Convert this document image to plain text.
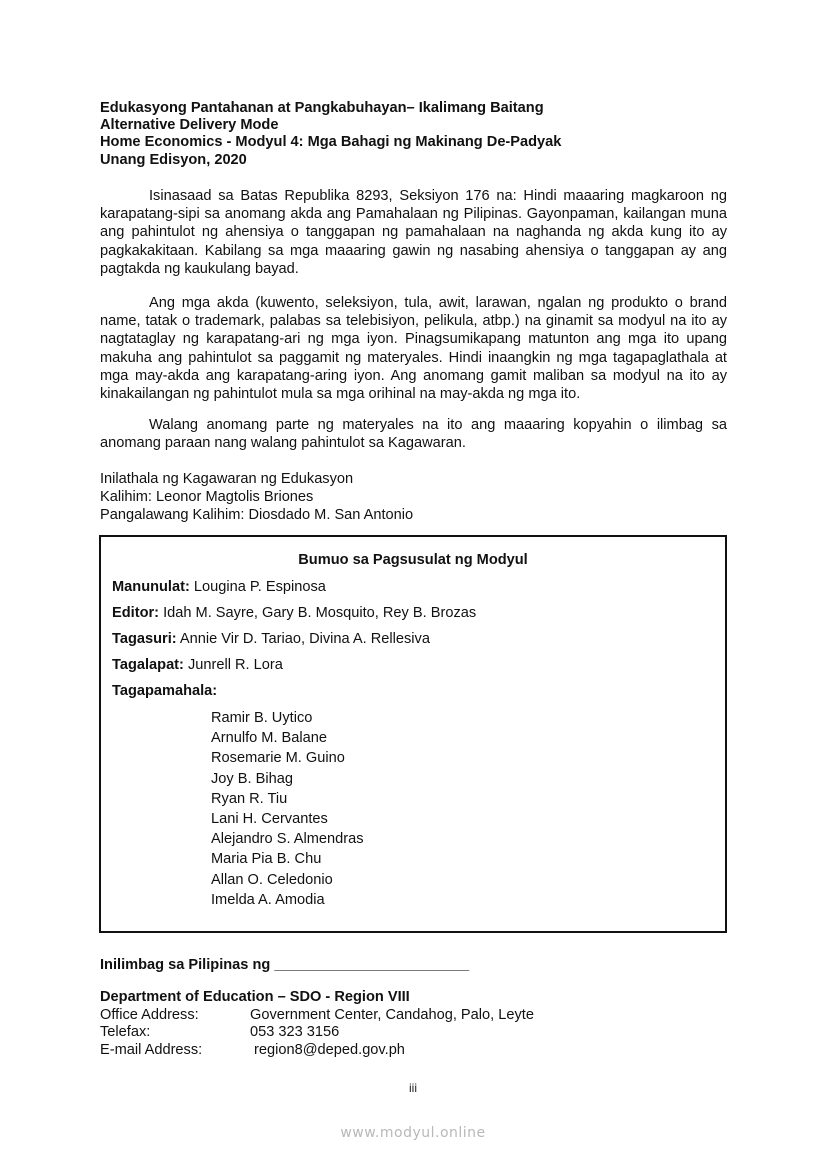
Edukasyong Pantahanan at Pangkabuhayan– Ikalimang Baitang
Alternative Delivery Mode
Home Economics - Modyul 4: Mga Bahagi ng Makinang De-Padyak
Unang Edisyon, 2020
Isinasaad sa Batas Republika 8293, Seksiyon 176 na: Hindi maaaring magkaroon ng karapatang-sipi sa anomang akda ang Pamahalaan ng Pilipinas. Gayonpaman, kailangan muna ang pahintulot ng ahensiya o tanggapan ng pamahalaan na naghanda ng akda kung ito ay pagkakakitaan. Kabilang sa mga maaaring gawin ng nasabing ahensiya o tanggapan ay ang pagtakda ng kaukulang bayad.
Ang mga akda (kuwento, seleksiyon, tula, awit, larawan, ngalan ng produkto o brand name, tatak o trademark, palabas sa telebisiyon, pelikula, atbp.) na ginamit sa modyul na ito ay nagtataglay ng karapatang-ari ng mga iyon. Pinagsumikapang matunton ang mga ito upang makuha ang pahintulot sa paggamit ng materyales. Hindi inaangkin ng mga tagapaglathala at mga may-akda ang karapatang-aring iyon. Ang anomang gamit maliban sa modyul na ito ay kinakailangan ng pahintulot mula sa mga orihinal na may-akda ng mga ito.
Walang anomang parte ng materyales na ito ang maaaring kopyahin o ilimbag sa anomang paraan nang walang pahintulot sa Kagawaran.
Inilathala ng Kagawaran ng Edukasyon
Kalihim: Leonor Magtolis Briones
Pangalawang Kalihim: Diosdado M. San Antonio
Bumuo sa Pagsusulat ng Modyul
Manunulat: Lougina P. Espinosa
Editor: Idah M. Sayre, Gary B. Mosquito, Rey B. Brozas
Tagasuri: Annie Vir D. Tariao, Divina A. Rellesiva
Tagalapat: Junrell R. Lora
Tagapamahala:
Ramir B. Uytico
Arnulfo M. Balane
Rosemarie M. Guino
Joy B. Bihag
Ryan R. Tiu
Lani H. Cervantes
Alejandro S. Almendras
Maria Pia B. Chu
Allan O. Celedonio
Imelda A. Amodia
Inilimbag sa Pilipinas ng ________________________
Department of Education – SDO - Region VIII
Office Address:	Government Center, Candahog, Palo, Leyte
Telefax:	053 323 3156
E-mail Address:	region8@deped.gov.ph
iii
www.modyul.online
